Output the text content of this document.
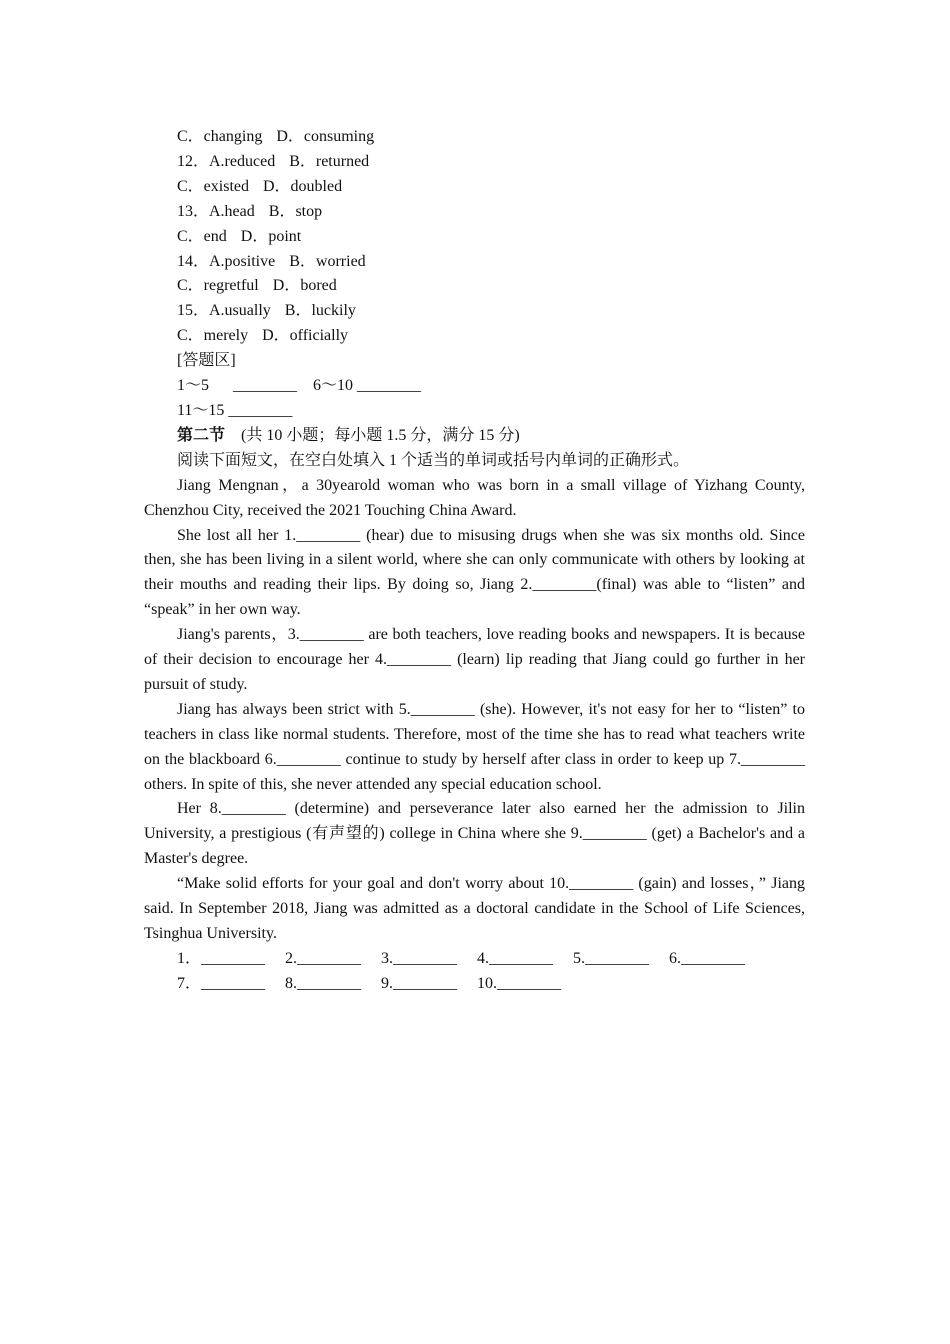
C．changing D．consuming

12．A.reduced B．returned

C．existed D．doubled

13．A.head B．stop

C．end D．point

14．A.positive B．worried

C．regretful D．bored

15．A.usually B．luckily

C．merely D．officially

[答题区]

1～5 ________ 6～10 ________

11～15 ________

第二节 (共 10 小题；每小题 1.5 分，满分 15 分)

阅读下面短文，在空白处填入 1 个适当的单词或括号内单词的正确形式。

Jiang Mengnan，a 30yearold woman who was born in a small village of Yizhang County, Chenzhou City, received the 2021 Touching China Award.

She lost all her 1.________ (hear) due to misusing drugs when she was six months old. Since then, she has been living in a silent world, where she can only communicate with others by looking at their mouths and reading their lips. By doing so, Jiang 2.________(final) was able to “listen” and “speak” in her own way.

Jiang's parents，3.________ are both teachers, love reading books and newspapers. It is because of their decision to encourage her 4.________ (learn) lip reading that Jiang could go further in her pursuit of study.

Jiang has always been strict with 5.________ (she). However, it's not easy for her to “listen” to teachers in class like normal students. Therefore, most of the time she has to read what teachers write on the blackboard 6.________ continue to study by herself after class in order to keep up 7.________ others. In spite of this, she never attended any special education school.

Her 8.________ (determine) and perseverance later also earned her the admission to Jilin University, a prestigious (有声望的) college in China where she 9.________ (get) a Bachelor's and a Master's degree.

“Make solid efforts for your goal and don't worry about 10.________ (gain) and losses，” Jiang said. In September 2018, Jiang was admitted as a doctoral candidate in the School of Life Sciences, Tsinghua University.

1．________ 2.________ 3.________ 4.________ 5.________ 6.________

7．________ 8.________ 9.________ 10.________
